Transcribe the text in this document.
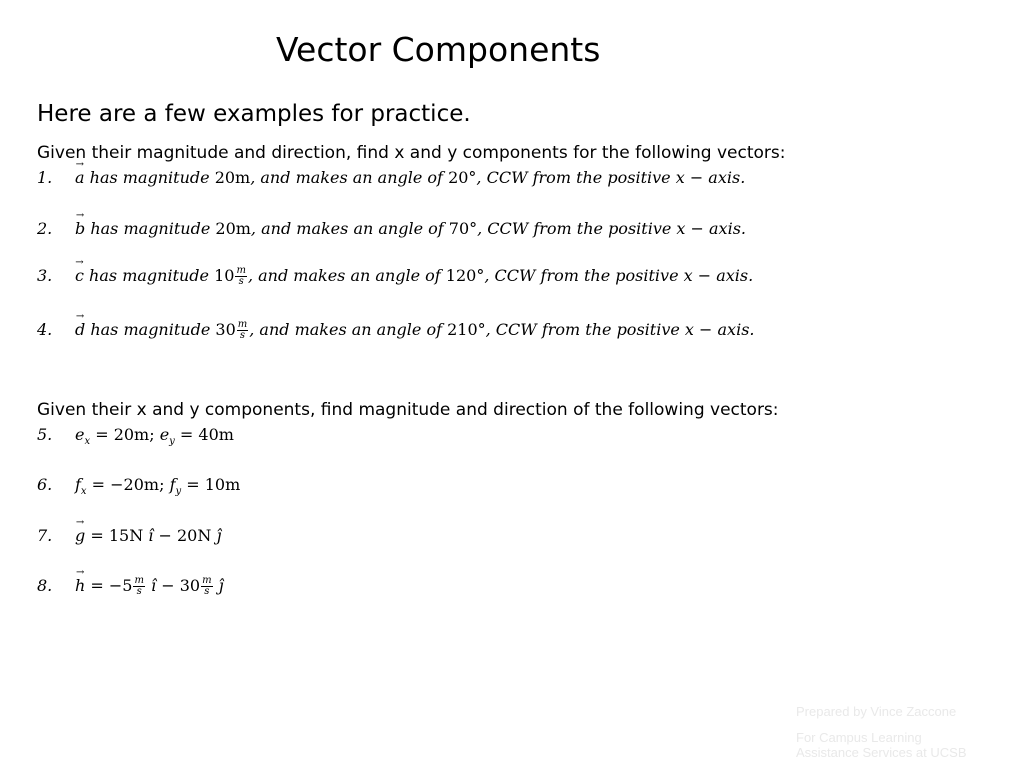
Vector Components
Here are a few examples for practice.
Given their magnitude and direction, find x and y components for the following vectors:
1.→ a has magnitude 20m, and makes an angle of 20°, CCW from the positive x − axis.
2.→ b has magnitude 20m, and makes an angle of 70°, CCW from the positive x − axis.
3.→ c has magnitude $10 \frac{m}{s}$ , and makes an angle of 120°, CCW from the positive x − axis.
4.→ d has magnitude $30 \frac{m}{s}$ , and makes an angle of 210°, CCW from the positive x − axis.
Given their x and y components, find magnitude and direction of the following vectors:
5. $e_x = 20m$; $e_y = 40m$
6. $f_x = -20m$; $f_y = 10m$
7.→ g = 15N î − 20N ĵ
$8.\to h = -5 \frac{m}{s}$ î − $30 \frac{m}{s}$ ĵ
Prepared by Vince Zaccone
For Campus Learning
Assistance Services at UCSB
